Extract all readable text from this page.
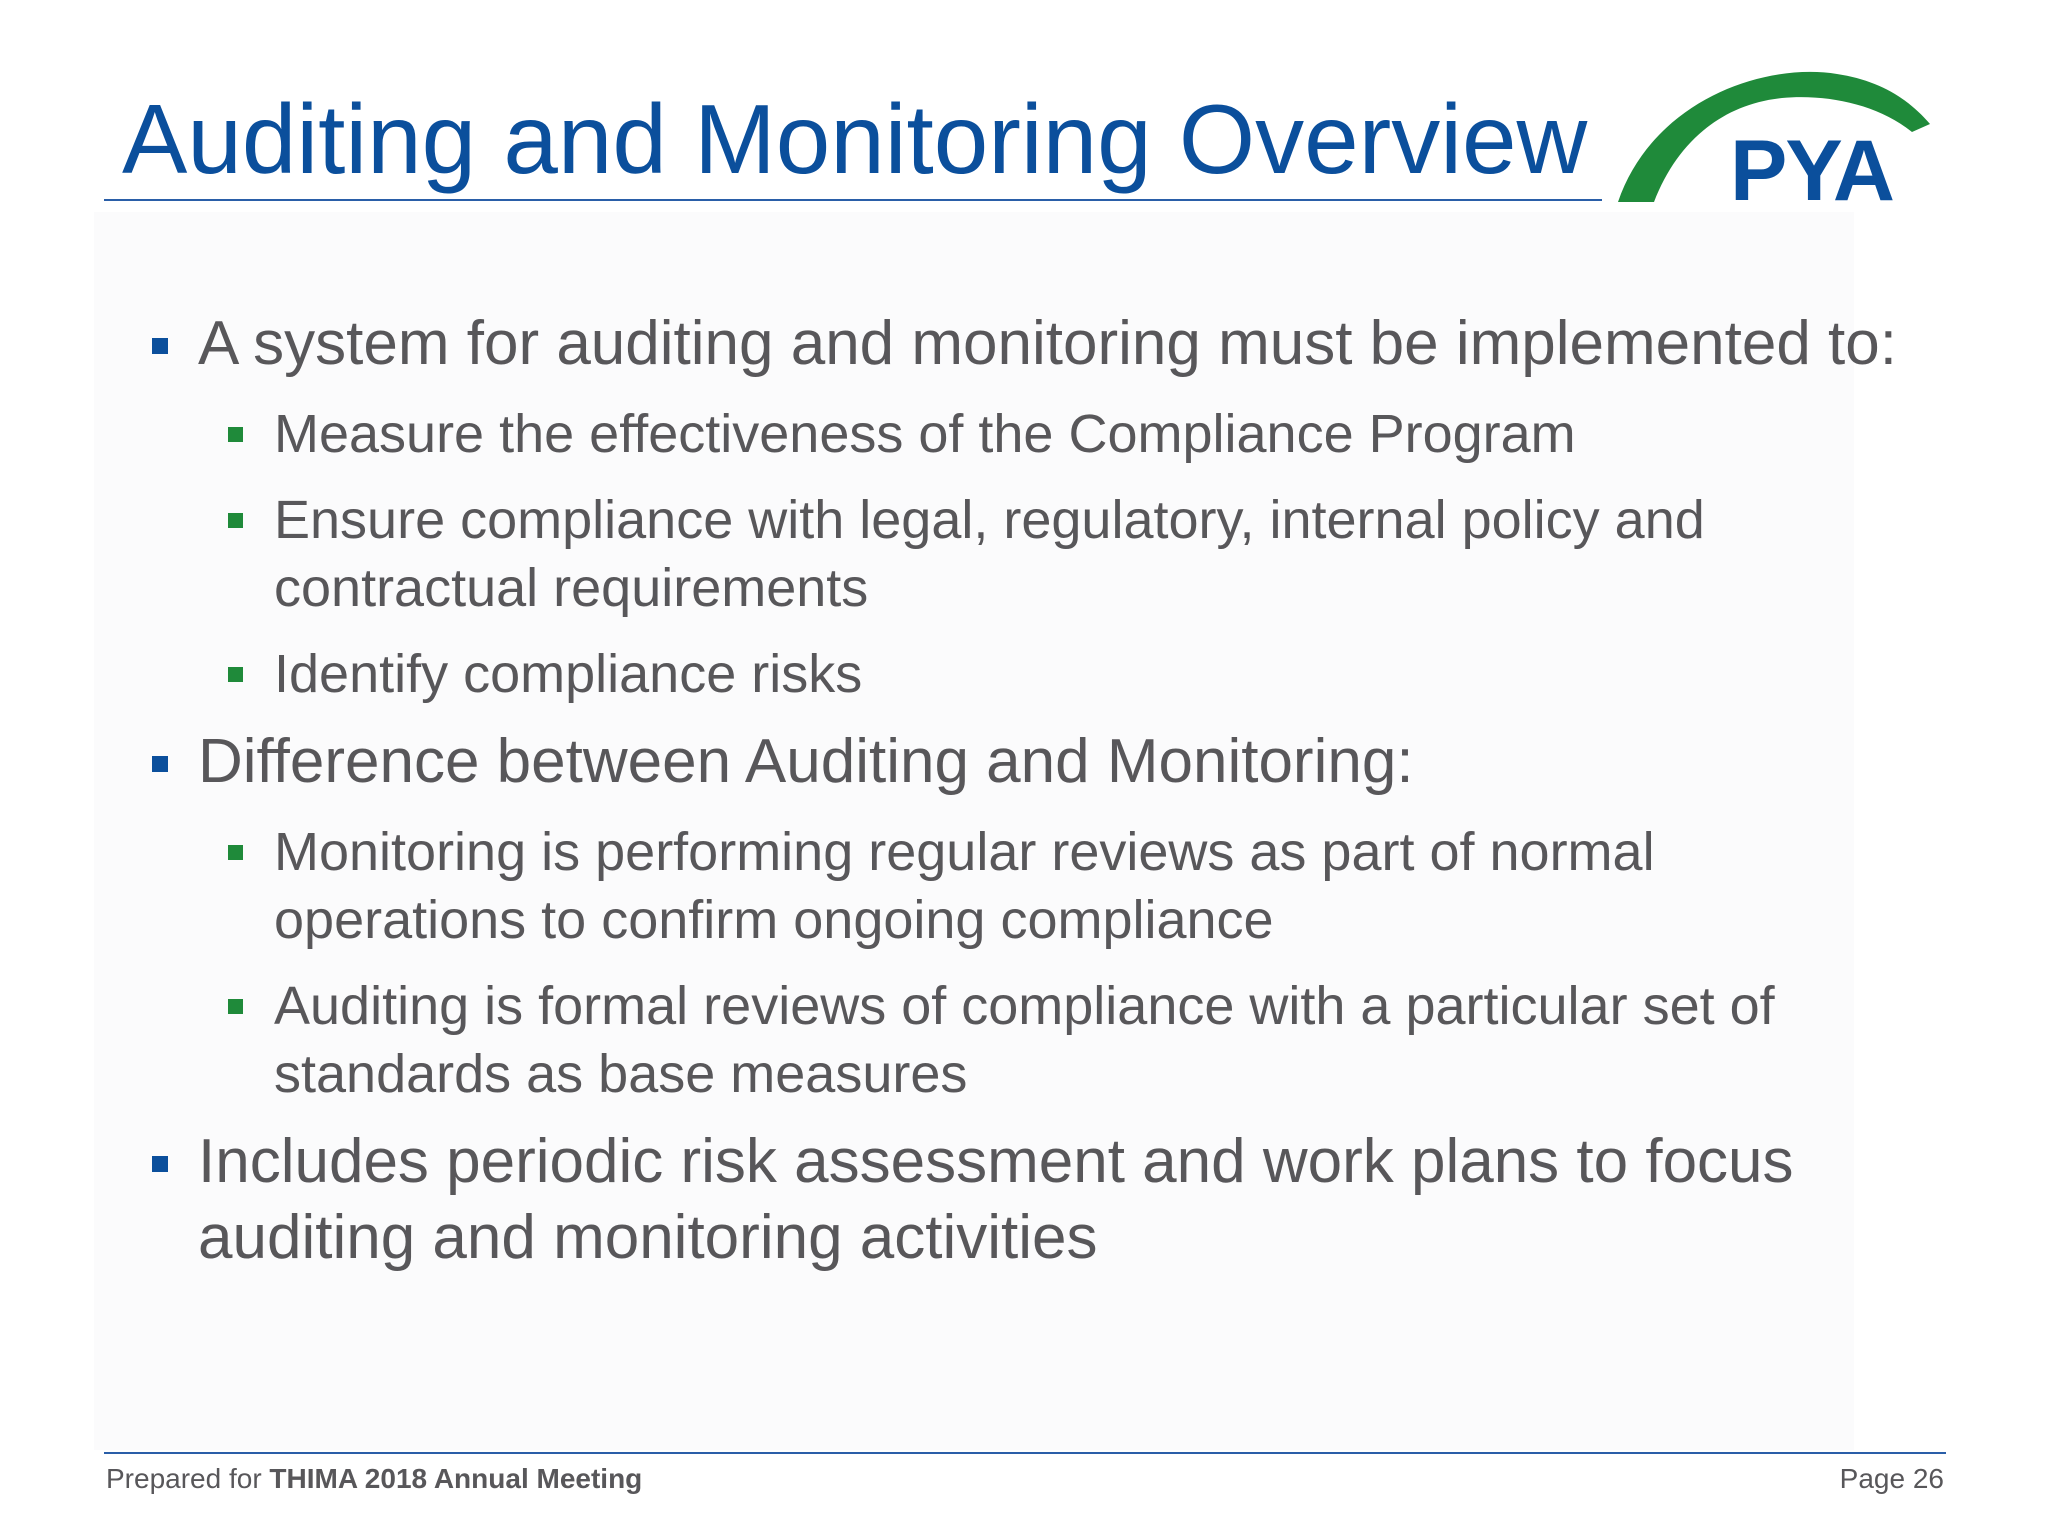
Auditing and Monitoring Overview PYA
A system for auditing and monitoring must be implemented to:
Measure the effectiveness of the Compliance Program
Ensure compliance with legal, regulatory, internal policy and contractual requirements
Identify compliance risks
Difference between Auditing and Monitoring:
Monitoring is performing regular reviews as part of normal operations to confirm ongoing compliance
Auditing is formal reviews of compliance with a particular set of standards as base measures
Includes periodic risk assessment and work plans to focus auditing and monitoring activities
Prepared for THIMA 2018 Annual Meeting	Page 26
